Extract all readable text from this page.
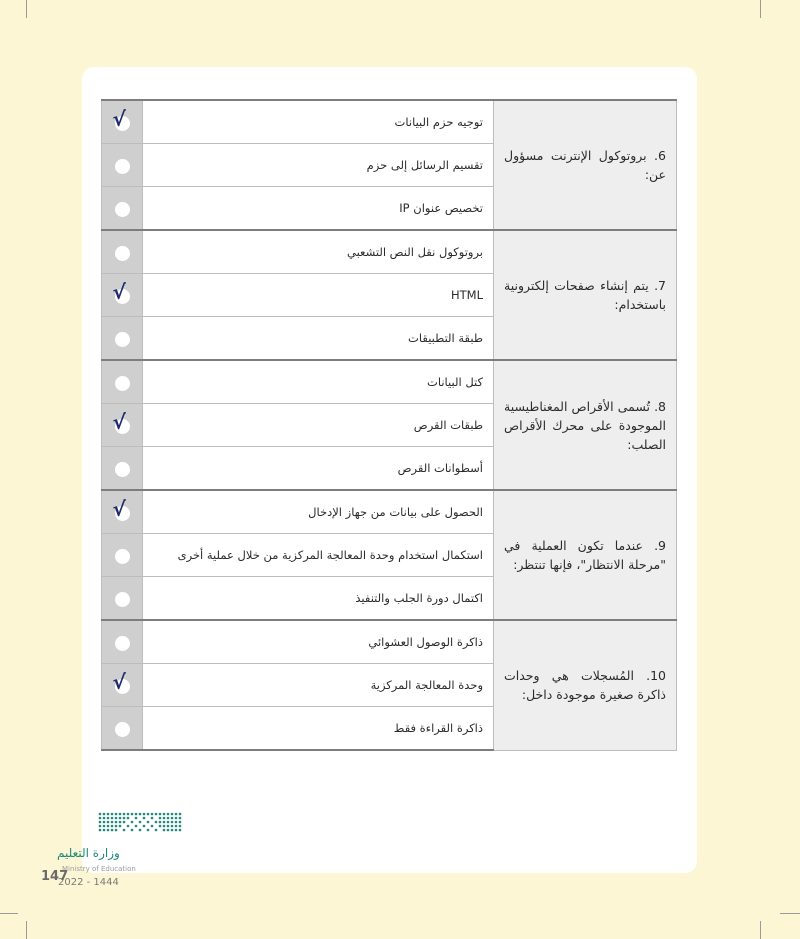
6. بروتوكول الإنترنت مسؤول عن:	توجيه حزم البيانات	√

	تقسيم الرسائل إلى حزم	
	تخصيص عنوان IP	
7. يتم إنشاء صفحات إلكترونية باستخدام:	بروتوكول نقل النص التشعبي	
	HTML	√

	طبقة التطبيقات	
8. تُسمى الأقراص المغناطيسية الموجودة على محرك الأقراص الصلب:	كتل البيانات	
	طبقات القرص	√

	أسطوانات القرص	
9. عندما تكون العملية في "مرحلة الانتظار"، فإنها تنتظر:	الحصول على بيانات من جهاز الإدخال	√

	استكمال استخدام وحدة المعالجة المركزية من خلال عملية أخرى	
	اكتمال دورة الجلب والتنفيذ	
10. المُسجلات هي وحدات ذاكرة صغيرة موجودة داخل:	ذاكرة الوصول العشوائي	
	وحدة المعالجة المركزية	√

	ذاكرة القراءة فقط	
وزارة التعليم
Ministry of Education
2022 - 1444
147
